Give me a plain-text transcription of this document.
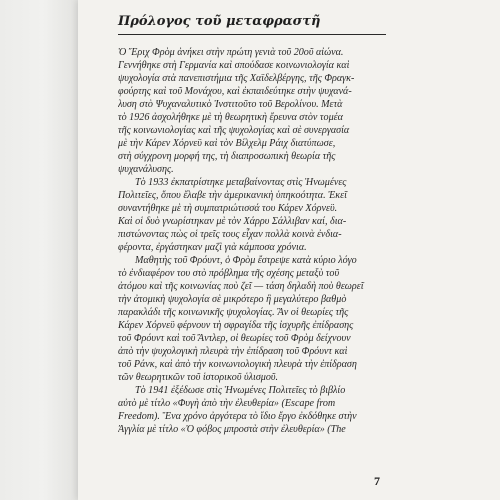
Πρόλογος τοῦ μεταφραστῆ
Ὁ Ἔριχ Φρὸμ ἀνήκει στὴν πρώτη γενιὰ τοῦ 20οῦ αἰώνα.
Γεννήθηκε στὴ Γερμανία καὶ σπούδασε κοινωνιολογία καὶ
ψυχολογία στὰ πανεπιστήμια τῆς Χαϊδελβέργης, τῆς Φραγκ-
φούρτης καὶ τοῦ Μονάχου, καὶ ἐκπαιδεύτηκε στὴν ψυχανά-
λυση στὸ Ψυχαναλυτικὸ Ἰνστιτοῦτο τοῦ Βερολίνου. Μετὰ
τὸ 1926 ἀσχολήθηκε μὲ τὴ θεωρητικὴ ἔρευνα στὸν τομέα
τῆς κοινωνιολογίας καὶ τῆς ψυχολογίας καὶ σὲ συνεργασία
μὲ τὴν Κάρεν Χόρνεϋ καὶ τὸν Βίλχελμ Ράιχ διατύπωσε,
στὴ σύγχρονη μορφή της, τὴ διαπροσωπικὴ θεωρία τῆς
ψυχανάλυσης.
Τὸ 1933 ἐκπατρίστηκε μεταβαίνοντας στὶς Ἡνωμένες
Πολιτεῖες, ὅπου ἔλαβε τὴν ἀμερικανικὴ ὑπηκοότητα. Ἐκεῖ
συναντήθηκε μὲ τὴ συμπατριώτισσά του Κάρεν Χόρνεϋ.
Καὶ οἱ δυὸ γνωρίστηκαν μὲ τὸν Χάρρυ Σάλλιβαν καί, δια-
πιστώνοντας πὼς οἱ τρεῖς τους εἶχαν πολλὰ κοινὰ ἐνδια-
φέροντα, ἐργάστηκαν μαζὶ γιὰ κάμποσα χρόνια.
Μαθητὴς τοῦ Φρόυντ, ὁ Φρὸμ ἔστρεψε κατὰ κύριο λόγο
τὸ ἐνδιαφέρον του στὸ πρόβλημα τῆς σχέσης μεταξὺ τοῦ
ἀτόμου καὶ τῆς κοινωνίας ποὺ ζεῖ — τάση δηλαδὴ ποὺ θεωρεῖ
τὴν ἀτομικὴ ψυχολογία σὲ μικρότερο ἢ μεγαλύτερο βαθμὸ
παρακλάδι τῆς κοινωνικῆς ψυχολογίας. Ἂν οἱ θεωρίες τῆς
Κάρεν Χόρνεϋ φέρνουν τὴ σφραγίδα τῆς ἰσχυρῆς ἐπίδρασης
τοῦ Φρόυντ καὶ τοῦ Ἄντλερ, οἱ θεωρίες τοῦ Φρὸμ δείχνουν
ἀπὸ τὴν ψυχολογικὴ πλευρὰ τὴν ἐπίδραση τοῦ Φρόυντ καὶ
τοῦ Ράνκ, καὶ ἀπὸ τὴν κοινωνιολογικὴ πλευρὰ τὴν ἐπίδραση
τῶν θεωρητικῶν τοῦ ἱστορικοῦ ὑλισμοῦ.
Τὸ 1941 ἐξέδωσε στὶς Ἡνωμένες Πολιτεῖες τὸ βιβλίο
αὐτὸ μὲ τίτλο «Φυγὴ ἀπὸ τὴν ἐλευθερία» (Escape from
Freedom). Ἕνα χρόνο ἀργότερα τὸ ἴδιο ἔργο ἐκδόθηκε στὴν
Ἀγγλία μὲ τίτλο «Ὁ φόβος μπροστὰ στὴν ἐλευθερία» (The
7
